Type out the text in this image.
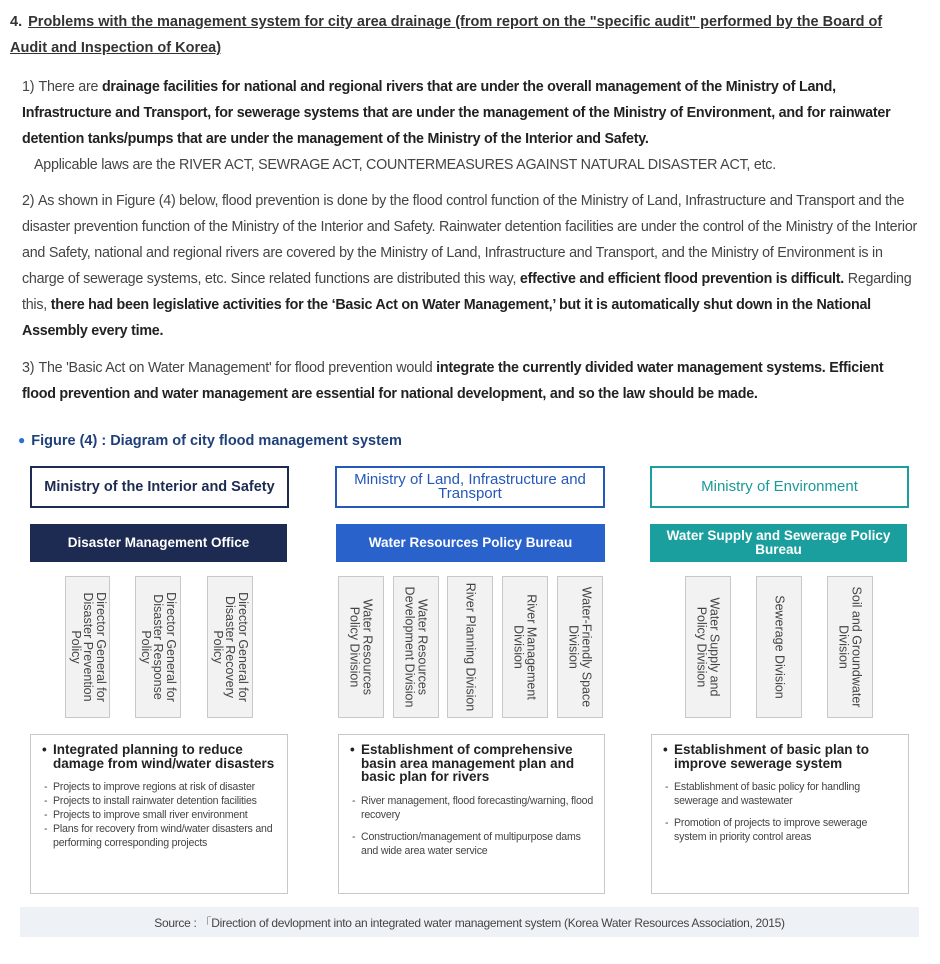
4. Problems with the management system for city area drainage (from report on the "specific audit" performed by the Board of Audit and Inspection of Korea)
1) There are drainage facilities for national and regional rivers that are under the overall management of the Ministry of Land, Infrastructure and Transport, for sewerage systems that are under the management of the Ministry of Environment, and for rainwater detention tanks/pumps that are under the management of the Ministry of the Interior and Safety.
Applicable laws are the RIVER ACT, SEWRAGE ACT, COUNTERMEASURES AGAINST NATURAL DISASTER ACT, etc.
2) As shown in Figure (4) below, flood prevention is done by the flood control function of the Ministry of Land, Infrastructure and Transport and the disaster prevention function of the Ministry of the Interior and Safety. Rainwater detention facilities are under the control of the Ministry of the Interior and Safety, national and regional rivers are covered by the Ministry of Land, Infrastructure and Transport, and the Ministry of Environment is in charge of sewerage systems, etc. Since related functions are distributed this way, effective and efficient flood prevention is difficult. Regarding this, there had been legislative activities for the ‘Basic Act on Water Management,’ but it is automatically shut down in the National Assembly every time.
3) The 'Basic Act on Water Management' for flood prevention would integrate the currently divided water management systems. Efficient flood prevention and water management are essential for national development, and so the law should be made.
● Figure (4) : Diagram of city flood management system
Ministry of the Interior and Safety
Disaster Management Office
Director General for Disaster Prevention Policy	Director General for Disaster Response Policy	Director General for Disaster Recovery Policy
• Integrated planning to reduce damage from wind/water disasters
- Projects to improve regions at risk of disaster
- Projects to install rainwater detention facilities
- Projects to improve small river environment
- Plans for recovery from wind/water disasters and performing corresponding projects
Ministry of Land, Infrastructure and Transport
Water Resources Policy Bureau
Water Resources Policy Division	Water Resources Development Division	River Planning Division	River Management Division	Water-Friendly Space Division
• Establishment of comprehensive basin area management plan and basic plan for rivers
- River management, flood forecasting/warning, flood recovery
- Construction/management of multipurpose dams and wide area water service
Ministry of Environment
Water Supply and Sewerage Policy Bureau
Water Supply and Policy Division	Sewerage Division	Soil and Groundwater Division
• Establishment of basic plan to improve sewerage system
- Establishment of basic policy for handling sewerage and wastewater
- Promotion of projects to improve sewerage system in priority control areas
Source : 「Direction of devlopment into an integrated water management system (Korea Water Resources Association, 2015)
